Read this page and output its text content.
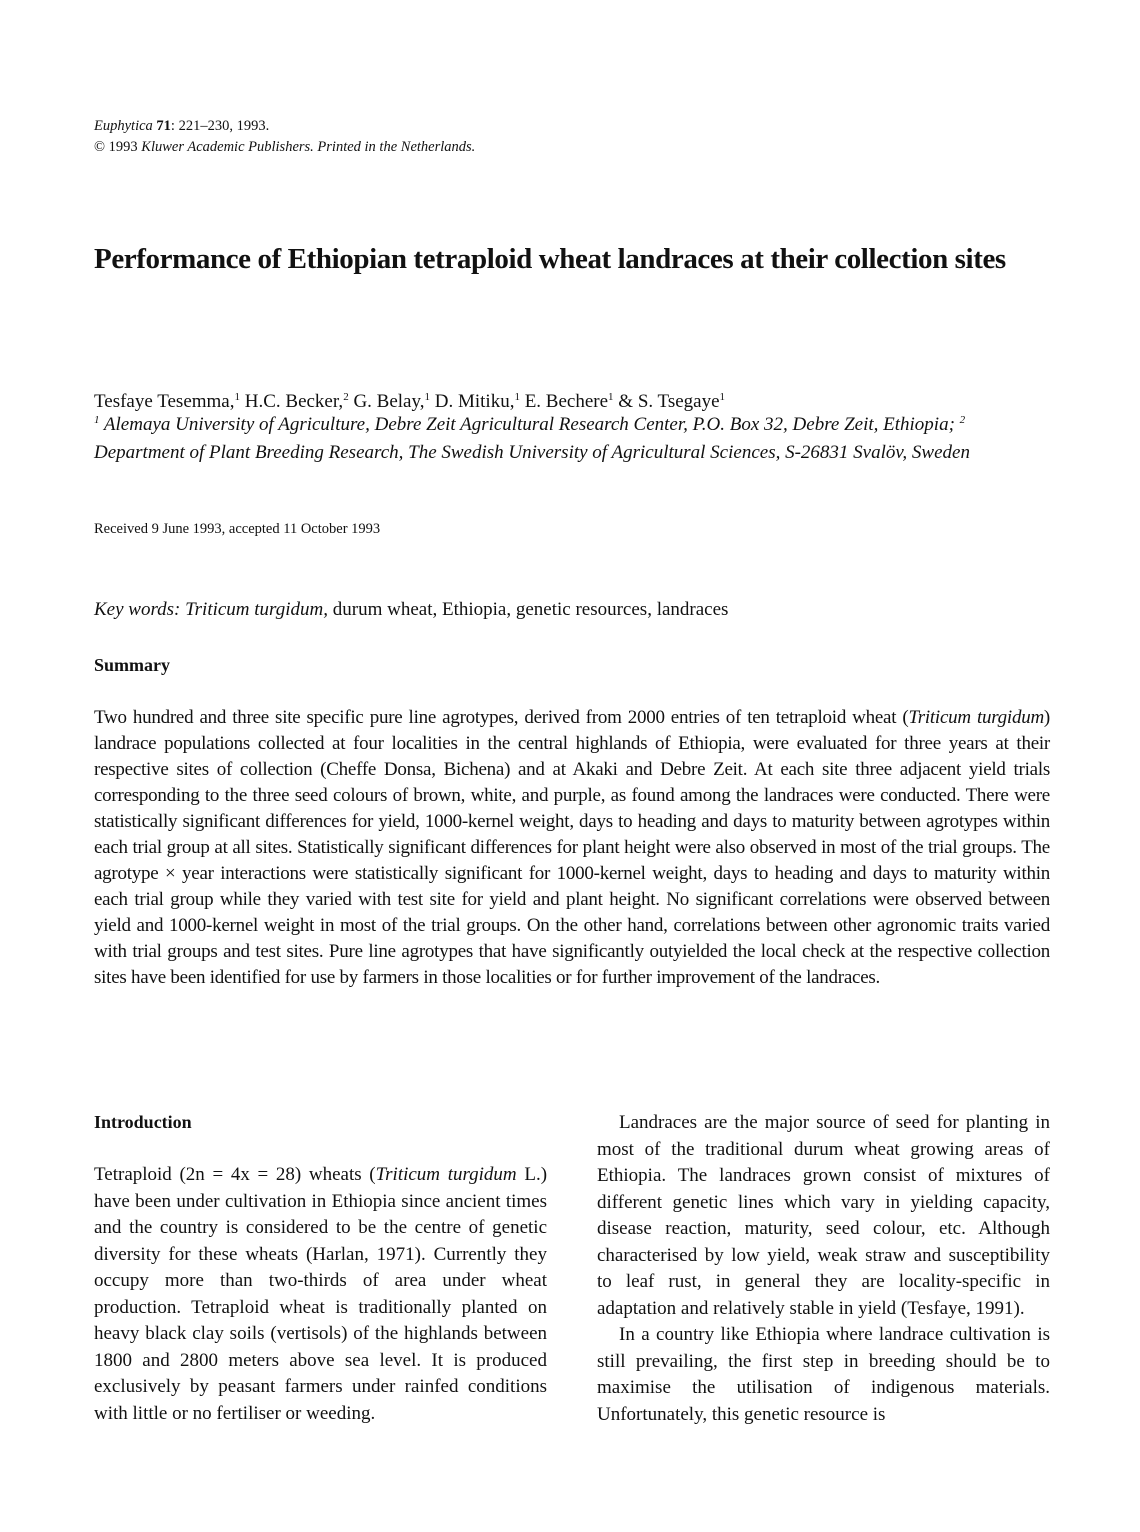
Euphytica 71: 221–230, 1993.
© 1993 Kluwer Academic Publishers. Printed in the Netherlands.
Performance of Ethiopian tetraploid wheat landraces at their collection sites
Tesfaye Tesemma,$^1$ H.C. Becker,$^2$ G. Belay,$^1$ D. Mitiku,$^1$ E. Bechere$^1$ & S. Tsegaye$^1$
$^1$ Alemaya University of Agriculture, Debre Zeit Agricultural Research Center, P.O. Box 32, Debre Zeit, Ethiopia; $^2$ Department of Plant Breeding Research, The Swedish University of Agricultural Sciences, S-26831 Svalöv, Sweden
Received 9 June 1993, accepted 11 October 1993
Key words: Triticum turgidum, durum wheat, Ethiopia, genetic resources, landraces
Summary
Two hundred and three site specific pure line agrotypes, derived from 2000 entries of ten tetraploid wheat (Triticum turgidum) landrace populations collected at four localities in the central highlands of Ethiopia, were evaluated for three years at their respective sites of collection (Cheffe Donsa, Bichena) and at Akaki and Debre Zeit. At each site three adjacent yield trials corresponding to the three seed colours of brown, white, and purple, as found among the landraces were conducted. There were statistically significant differences for yield, 1000-kernel weight, days to heading and days to maturity between agrotypes within each trial group at all sites. Statistically significant differences for plant height were also observed in most of the trial groups. The agrotype × year interactions were statistically significant for 1000-kernel weight, days to heading and days to maturity within each trial group while they varied with test site for yield and plant height. No significant correlations were observed between yield and 1000-kernel weight in most of the trial groups. On the other hand, correlations between other agronomic traits varied with trial groups and test sites. Pure line agrotypes that have significantly outyielded the local check at the respective collection sites have been identified for use by farmers in those localities or for further improvement of the landraces.
Introduction

Tetraploid (2n = 4x = 28) wheats (Triticum turgidum L.) have been under cultivation in Ethiopia since ancient times and the country is considered to be the centre of genetic diversity for these wheats (Harlan, 1971). Currently they occupy more than two-thirds of area under wheat production. Tetraploid wheat is traditionally planted on heavy black clay soils (vertisols) of the highlands between 1800 and 2800 meters above sea level. It is produced exclusively by peasant farmers under rainfed conditions with little or no fertiliser or weeding.

Landraces are the major source of seed for planting in most of the traditional durum wheat growing areas of Ethiopia. The landraces grown consist of mixtures of different genetic lines which vary in yielding capacity, disease reaction, maturity, seed colour, etc. Although characterised by low yield, weak straw and susceptibility to leaf rust, in general they are locality-specific in adaptation and relatively stable in yield (Tesfaye, 1991).

In a country like Ethiopia where landrace cultivation is still prevailing, the first step in breeding should be to maximise the utilisation of indigenous materials. Unfortunately, this genetic resource is
